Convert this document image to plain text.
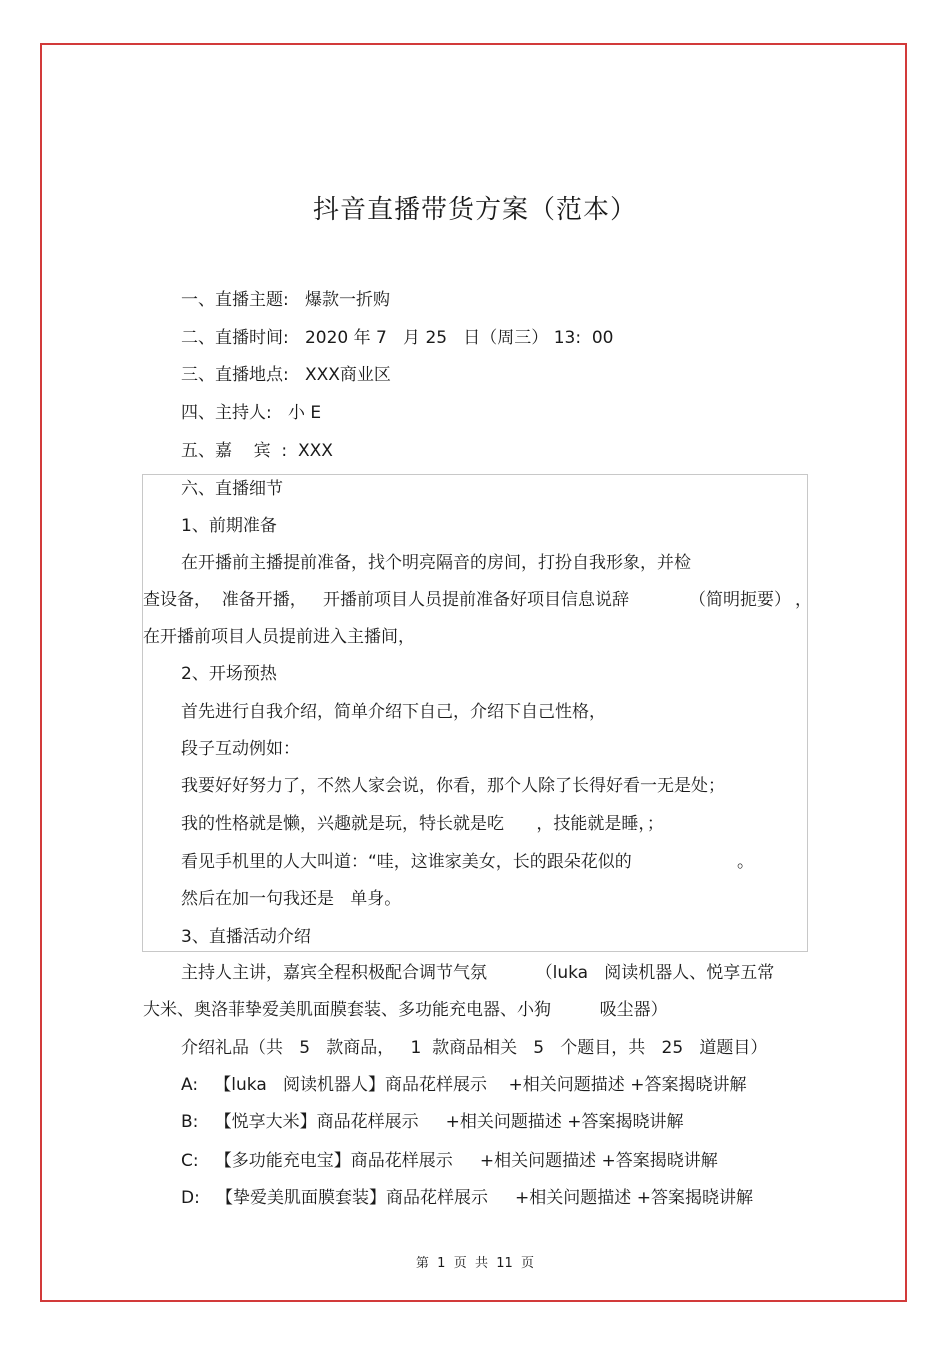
抖音直播带货方案（范本）
一、直播主题:   爆款一折购
二、直播时间:   2020 年 7   月 25   日（周三） 13:  00
三、直播地点:   XXX商业区
四、主持人:   小 E
五、嘉    宾  :  XXX
六、直播细节
1、前期准备
在开播前主播提前准备，找个明亮隔音的房间，打扮自我形象，并检
查设备，  准备开播，   开播前项目人员提前准备好项目信息说辞	（简明扼要） ，
在开播前项目人员提前进入主播间，
2、开场预热
首先进行自我介绍，简单介绍下自己，介绍下自己性格，
段子互动例如：
我要好好努力了，不然人家会说，你看，那个人除了长得好看一无是处；
我的性格就是懒，兴趣就是玩，特长就是吃      ，技能就是睡，；
看见手机里的人大叫道：“哇，这谁家美女，长的跟朵花似的	。
然后在加一句我还是   单身。
3、直播活动介绍
主持人主讲，嘉宾全程积极配合调节气氛         （luka   阅读机器人、悦享五常
大米、奥洛菲挚爱美肌面膜套装、多功能充电器、小狗         吸尘器）
介绍礼品（共   5   款商品，   1  款商品相关   5   个题目，共   25   道题目）
A:   【luka   阅读机器人】商品花样展示    +相关问题描述 +答案揭晓讲解
B:   【悦享大米】商品花样展示     +相关问题描述 +答案揭晓讲解
C:   【多功能充电宝】商品花样展示     +相关问题描述 +答案揭晓讲解
D:   【挚爱美肌面膜套装】商品花样展示     +相关问题描述 +答案揭晓讲解
第  1  页  共  11  页
